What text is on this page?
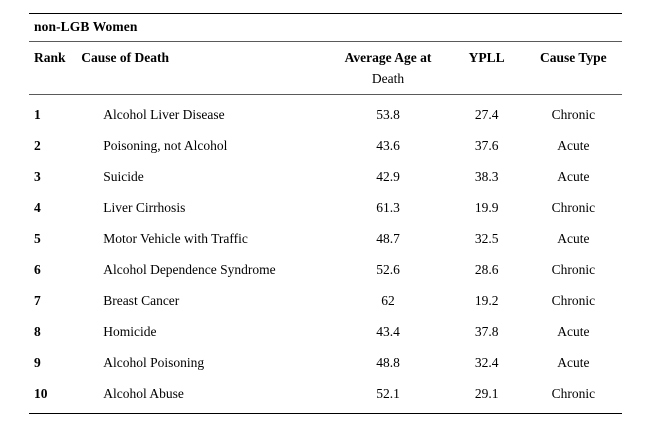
non-LGB Women				

Rank	Cause of Death	Average Age at	YPLL	Cause Type
		Death		

1	Alcohol Liver Disease	53.8	27.4	Chronic
2	Poisoning, not Alcohol	43.6	37.6	Acute
3	Suicide	42.9	38.3	Acute
4	Liver Cirrhosis	61.3	19.9	Chronic
5	Motor Vehicle with Traffic	48.7	32.5	Acute
6	Alcohol Dependence Syndrome	52.6	28.6	Chronic
7	Breast Cancer	62	19.2	Chronic
8	Homicide	43.4	37.8	Acute
9	Alcohol Poisoning	48.8	32.4	Acute
10	Alcohol Abuse	52.1	29.1	Chronic
